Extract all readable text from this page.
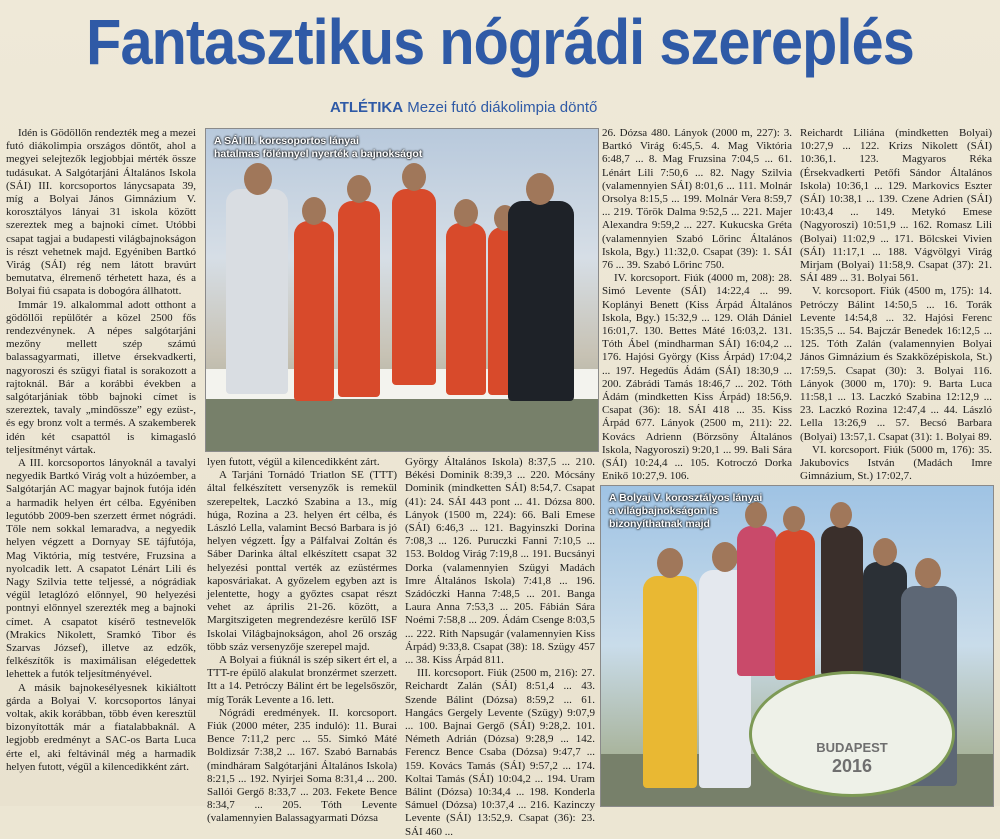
Fantasztikus nógrádi szereplés
ATLÉTIKA Mezei futó diákolimpia döntő

Idén is Gödöllőn rendezték meg a mezei futó diákolimpia országos döntőt, ahol a megyei selejtezők legjobbjai mérték össze tudásukat. A Salgótarjáni Általános Iskola (SÁI) III. korcsoportos lánycsapata 39, míg a Bolyai János Gimnázium V. korosztályos lányai 31 iskola között szereztek meg a bajnoki címet. Utóbbi csapat tagjai a budapesti világbajnokságon is részt vehetnek majd. Egyéniben Bartkó Virág (SÁI) rég nem látott bravúrt bemutatva, élremenő térhetett haza, és a Bolyai fiú csapata is dobogóra állhatott.

Immár 19. alkalommal adott otthont a gödöllői repülőtér a közel 2500 fős rendezvénynek. A népes salgótarjáni mezőny mellett szép számú balassagyarmati, illetve érsekvadkerti, nagyoroszi és szügyi fiatal is sorakozott a rajtoknál. Bár a korábbi években a salgótarjániak több bajnoki címet is szereztek, tavaly „mindössze” egy ezüst-, és egy bronz volt a termés. A szakemberek idén két csapattól is kimagasló teljesítményt vártak.

A III. korcsoportos lányoknál a tavalyi negyedik Bartkó Virág volt a húzóember, a Salgótarján AC magyar bajnok futója idén a harmadik helyen ért célba. Egyéniben legutóbb 2009-ben szerzett érmet nógrádi. Tőle nem sokkal lemaradva, a negyedik helyen végzett a Dornyay SE tájfutója, Mag Viktória, míg testvére, Fruzsina a nyolcadik lett. A csapatot Lénárt Lili és Nagy Szilvia tette teljessé, a nógrádiak végül letaglózó előnnyel, 90 helyezési pontnyi előnnyel szerezték meg a bajnoki címet. A csapatot kísérő testnevelők (Mrakics Nikolett, Sramkó Tibor és Szarvas József), illetve az edzők, felkészítők is maximálisan elégedettek lehettek a futók teljesítményével.

A másik bajnokesélyesnek kikiáltott gárda a Bolyai V. korcsoportos lányai voltak, akik korábban, több éven keresztül bizonyították már a fiatalabbaknál. A legjobb eredményt a SAC-os Barta Luca érte el, aki feltávinál még a harmadik helyen futott, végül a kilencedikként zárt.

A SÁI III. korcsoportos lányai
hatalmas fölénnyel nyerték a bajnokságot

lyen futott, végül a kilencedikként zárt.

A Tarjáni Tornádó Triatlon SE (TTT) által felkészített versenyzők is remekül szerepeltek, Laczkó Szabina a 13., míg húga, Rozina a 23. helyen ért célba, és László Lella, valamint Becsó Barbara is jó helyen végzett. Így a Pálfalvai Zoltán és Sáber Darinka által elkészített csapat 32 helyezési ponttal verték az ezüstérmes kaposváriakat. A győzelem egyben azt is jelentette, hogy a győztes csapat részt vehet az április 21-26. között, a Margitszigeten megrendezésre kerülő ISF Iskolai Világbajnokságon, ahol 26 ország több száz versenyzője szerepel majd.

A Bolyai a fiúknál is szép sikert ért el, a TTT-re épülő alakulat bronzérmet szerzett. Itt a 14. Petróczy Bálint ért be legelsőször, míg Torák Levente a 16. lett.

Nógrádi eredmények. II. korcsoport. Fiúk (2000 méter, 235 induló): 11. Burai Bence 7:11,2 perc ... 55. Simkó Máté Boldizsár 7:38,2 ... 167. Szabó Barnabás (mindháram Salgótarjáni Általános Iskola) 8:21,5 ... 192. Nyirjei Soma 8:31,4 ... 200. Sallói Gergő 8:33,7 ... 203. Fekete Bence 8:34,7 ... 205. Tóth Levente (valamennyien Balassagyarmati Dózsa

György Általános Iskola) 8:37,5 ... 210. Békési Dominik 8:39,3 ... 220. Mócsány Dominik (mindketten SÁI) 8:54,7. Csapat (41): 24. SÁI 443 pont ... 41. Dózsa 800. Lányok (1500 m, 224): 66. Bali Emese (SÁI) 6:46,3 ... 121. Bagyinszki Dorina 7:08,3 ... 126. Puruczki Fanni 7:10,5 ... 153. Boldog Virág 7:19,8 ... 191. Bucsányi Dorka (valamennyien Szügyi Madách Imre Általános Iskola) 7:41,8 ... 196. Szádóczki Hanna 7:48,5 ... 201. Banga Laura Anna 7:53,3 ... 205. Fábián Sára Noémi 7:58,8 ... 209. Ádám Csenge 8:03,5 ... 222. Rith Napsugár (valamennyien Kiss Árpád) 9:33,8. Csapat (38): 18. Szügy 457 ... 38. Kiss Árpád 811.

III. korcsoport. Fiúk (2500 m, 216): 27. Reichardt Zalán (SÁI) 8:51,4 ... 43. Szende Bálint (Dózsa) 8:59,2 ... 61. Hangács Gergely Levente (Szügy) 9:07,9 ... 100. Bajnai Gergő (SÁI) 9:28,2. 101. Németh Adrián (Dózsa) 9:28,9 ... 142. Ferencz Bence Csaba (Dózsa) 9:47,7 ... 159. Kovács Tamás (SÁI) 9:57,2 ... 174. Koltai Tamás (SÁI) 10:04,2 ... 194. Uram Bálint (Dózsa) 10:34,4 ... 198. Konderla Sámuel (Dózsa) 10:37,4 ... 216. Kazinczy Levente (SÁI) 13:52,9. Csapat (36): 23. SÁI 460 ...

26. Dózsa 480. Lányok (2000 m, 227): 3. Bartkó Virág 6:45,5. 4. Mag Viktória 6:48,7 ... 8. Mag Fruzsina 7:04,5 ... 61. Lénárt Lili 7:50,6 ... 82. Nagy Szilvia (valamennyien SÁI) 8:01,6 ... 111. Molnár Orsolya 8:15,5 ... 199. Molnár Vera 8:59,7 ... 219. Török Dalma 9:52,5 ... 221. Majer Alexandra 9:59,2 ... 227. Kukucska Gréta (valamennyien Szabó Lőrinc Általános Iskola, Bgy.) 11:32,0. Csapat (39): 1. SÁI 76 ... 39. Szabó Lőrinc 750.

IV. korcsoport. Fiúk (4000 m, 208): 28. Simó Levente (SÁI) 14:22,4 ... 99. Koplányi Benett (Kiss Árpád Általános Iskola, Bgy.) 15:32,9 ... 129. Oláh Dániel 16:01,7. 130. Bettes Máté 16:03,2. 131. Tóth Ábel (mindharman SÁI) 16:04,2 ... 176. Hajósi György (Kiss Árpád) 17:04,2 ... 197. Hegedűs Ádám (SÁI) 18:30,9 ... 200. Zábrádi Tamás 18:46,7 ... 202. Tóth Ádám (mindketten Kiss Árpád) 18:56,9. Csapat (36): 18. SÁI 418 ... 35. Kiss Árpád 677. Lányok (2500 m, 211): 22. Kovács Adrienn (Börzsöny Általános Iskola, Nagyoroszi) 9:20,1 ... 99. Bali Sára (SÁI) 10:24,4 ... 105. Kotroczó Dorka Enikő 10:27,9. 106.

Reichardt Liliána (mindketten Bolyai) 10:27,9 ... 122. Krizs Nikolett (SÁI) 10:36,1. 123. Magyaros Réka (Érsekvadkerti Petőfi Sándor Általános Iskola) 10:36,1 ... 129. Markovics Eszter (SÁI) 10:38,1 ... 139. Czene Adrien (SÁI) 10:43,4 ... 149. Metykó Emese (Nagyoroszi) 10:51,9 ... 162. Romasz Lili (Bolyai) 11:02,9 ... 171. Bölcskei Vivien (SÁI) 11:17,1 ... 188. Vágvölgyi Virág Mirjam (Bolyai) 11:58,9. Csapat (37): 21. SÁI 489 ... 31. Bolyai 561.

V. korcsoport. Fiúk (4500 m, 175): 14. Petróczy Bálint 14:50,5 ... 16. Torák Levente 14:54,8 ... 32. Hajósi Ferenc 15:35,5 ... 54. Bajczár Benedek 16:12,5 ... 125. Tóth Zalán (valamennyien Bolyai János Gimnázium és Szakközépiskola, St.) 17:59,5. Csapat (30): 3. Bolyai 116. Lányok (3000 m, 170): 9. Barta Luca 11:58,1 ... 13. Laczkó Szabina 12:12,9 ... 23. Laczkó Rozina 12:47,4 ... 44. László Lella 13:26,9 ... 57. Becsó Barbara (Bolyai) 13:57,1. Csapat (31): 1. Bolyai 89.

VI. korcsoport. Fiúk (5000 m, 176): 35. Jakubovics István (Madách Imre Gimnázium, St.) 17:02,7.

BUDAPEST
2016
A Bolyai V. korosztályos lányai
a világbajnokságon is
bizonyíthatnak majd
